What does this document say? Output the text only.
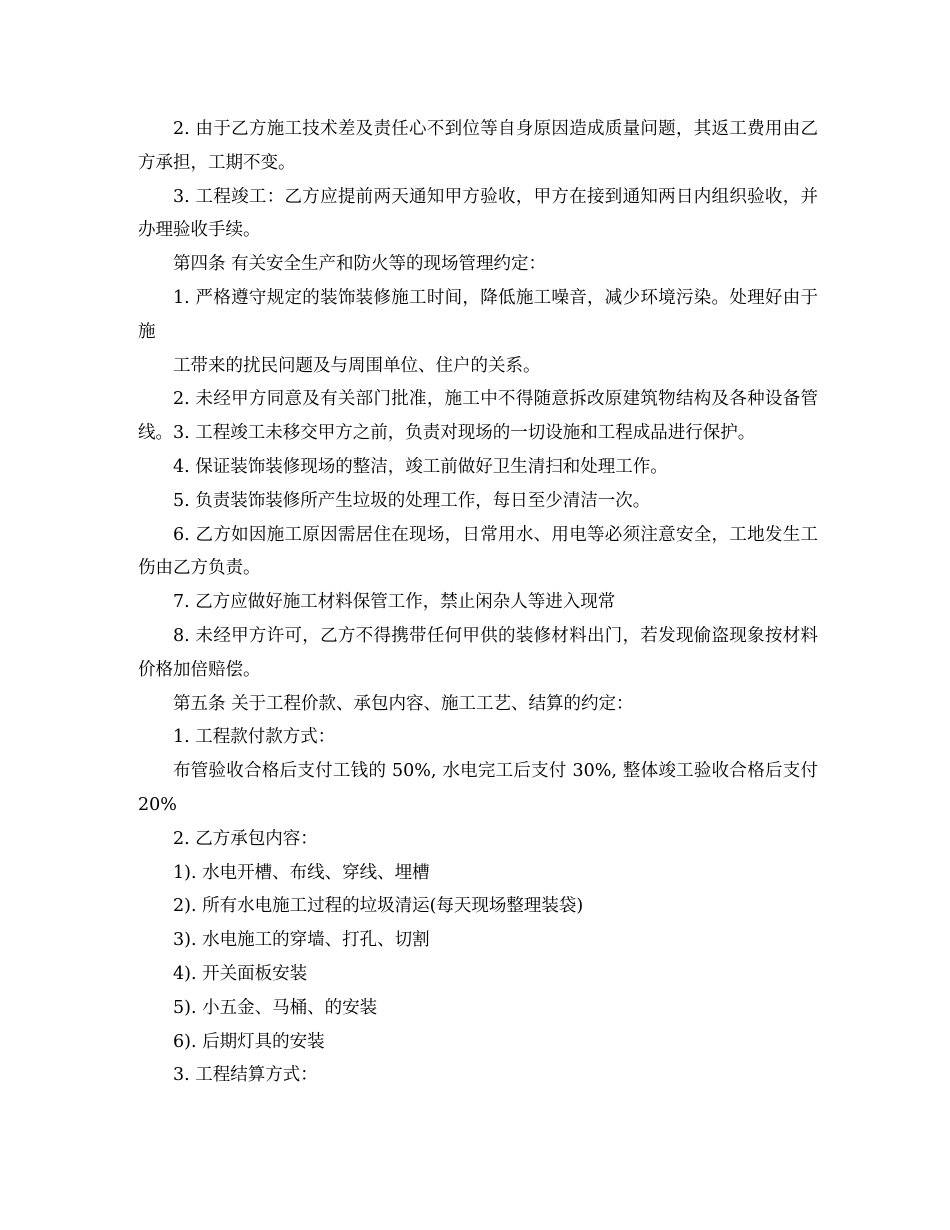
2. 由于乙方施工技术差及责任心不到位等自身原因造成质量问题，其返工费用由乙方承担，工期不变。

3. 工程竣工：乙方应提前两天通知甲方验收，甲方在接到通知两日内组织验收，并办理验收手续。

第四条 有关安全生产和防火等的现场管理约定：

1. 严格遵守规定的装饰装修施工时间，降低施工噪音，减少环境污染。处理好由于施

工带来的扰民问题及与周围单位、住户的关系。

2. 未经甲方同意及有关部门批准，施工中不得随意拆改原建筑物结构及各种设备管线。3. 工程竣工未移交甲方之前，负责对现场的一切设施和工程成品进行保护。

4. 保证装饰装修现场的整洁，竣工前做好卫生清扫和处理工作。

5. 负责装饰装修所产生垃圾的处理工作，每日至少清洁一次。

6. 乙方如因施工原因需居住在现场，日常用水、用电等必须注意安全，工地发生工伤由乙方负责。

7. 乙方应做好施工材料保管工作，禁止闲杂人等进入现常

8. 未经甲方许可，乙方不得携带任何甲供的装修材料出门，若发现偷盗现象按材料价格加倍赔偿。

第五条 关于工程价款、承包内容、施工工艺、结算的约定：

1. 工程款付款方式：

布管验收合格后支付工钱的 50%, 水电完工后支付 30%, 整体竣工验收合格后支付 20%

2. 乙方承包内容：

1). 水电开槽、布线、穿线、埋槽

2). 所有水电施工过程的垃圾清运(每天现场整理装袋)

3). 水电施工的穿墙、打孔、切割

4). 开关面板安装

5). 小五金、马桶、的安装

6). 后期灯具的安装

3. 工程结算方式：
